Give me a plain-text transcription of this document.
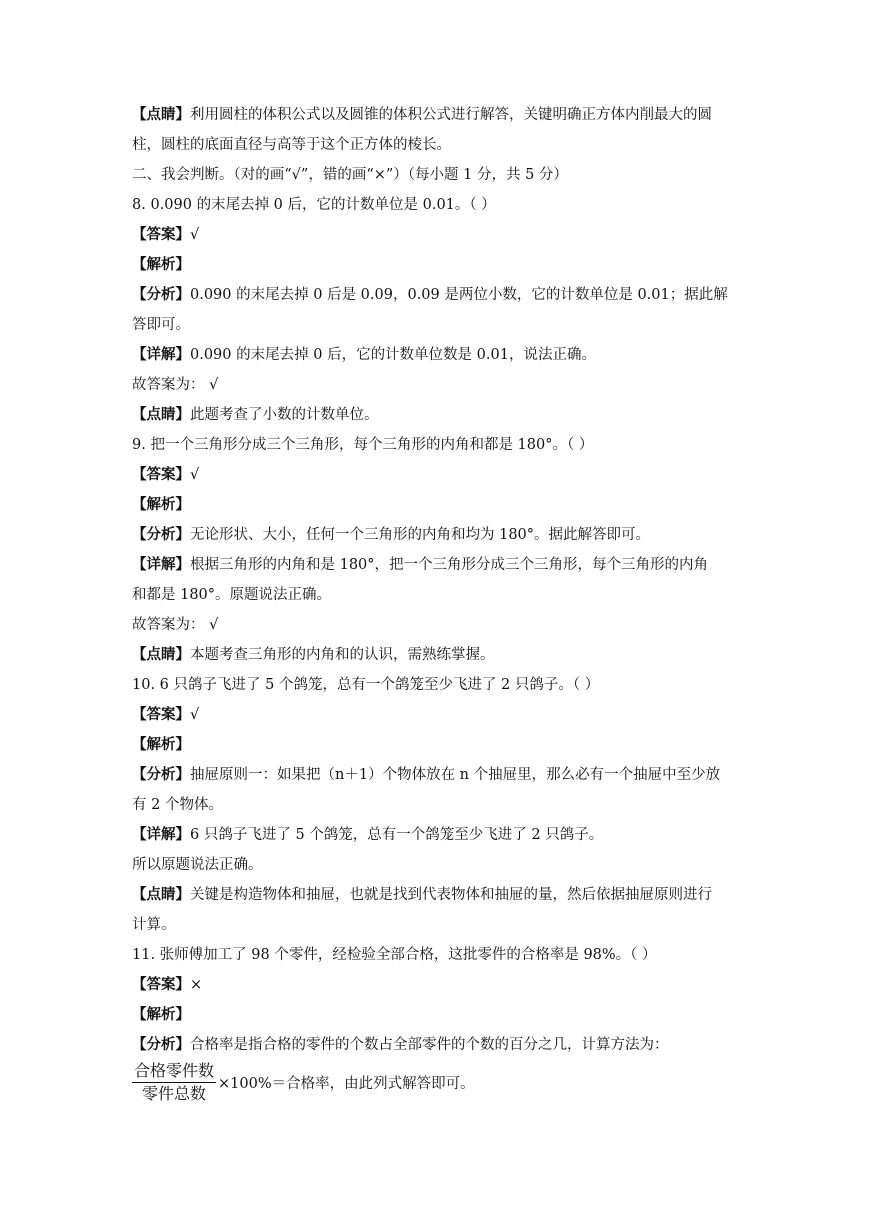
【点睛】利用圆柱的体积公式以及圆锥的体积公式进行解答，关键明确正方体内削最大的圆
柱，圆柱的底面直径与高等于这个正方体的棱长。
二、我会判断。（对的画“√”，错的画“×”）（每小题 1 分，共 5 分）
8. 0.090 的末尾去掉 0 后，它的计数单位是 0.01。（ ）
【答案】√
【解析】
【分析】0.090 的末尾去掉 0 后是 0.09，0.09 是两位小数，它的计数单位是 0.01；据此解
答即可。
【详解】0.090 的末尾去掉 0 后，它的计数单位数是 0.01，说法正确。
故答案为： √
【点睛】此题考查了小数的计数单位。
9. 把一个三角形分成三个三角形，每个三角形的内角和都是 180°。（ ）
【答案】√
【解析】
【分析】无论形状、大小，任何一个三角形的内角和均为 180°。据此解答即可。
【详解】根据三角形的内角和是 180°，把一个三角形分成三个三角形，每个三角形的内角
和都是 180°。原题说法正确。
故答案为： √
【点睛】本题考查三角形的内角和的认识，需熟练掌握。
10. 6 只鸽子飞进了 5 个鸽笼，总有一个鸽笼至少飞进了 2 只鸽子。（ ）
【答案】√
【解析】
【分析】抽屉原则一：如果把（n＋1）个物体放在 n 个抽屉里，那么必有一个抽屉中至少放
有 2 个物体。
【详解】6 只鸽子飞进了 5 个鸽笼，总有一个鸽笼至少飞进了 2 只鸽子。
所以原题说法正确。
【点睛】关键是构造物体和抽屉，也就是找到代表物体和抽屉的量，然后依据抽屉原则进行
计算。
11. 张师傅加工了 98 个零件，经检验全部合格，这批零件的合格率是 98%。（ ）
【答案】×
【解析】
【分析】合格率是指合格的零件的个数占全部零件的个数的百分之几，计算方法为：
$\frac{\text{合格零件数}}{\text{零件总数}} \times 100\%=$合格率，由此列式解答即可。
